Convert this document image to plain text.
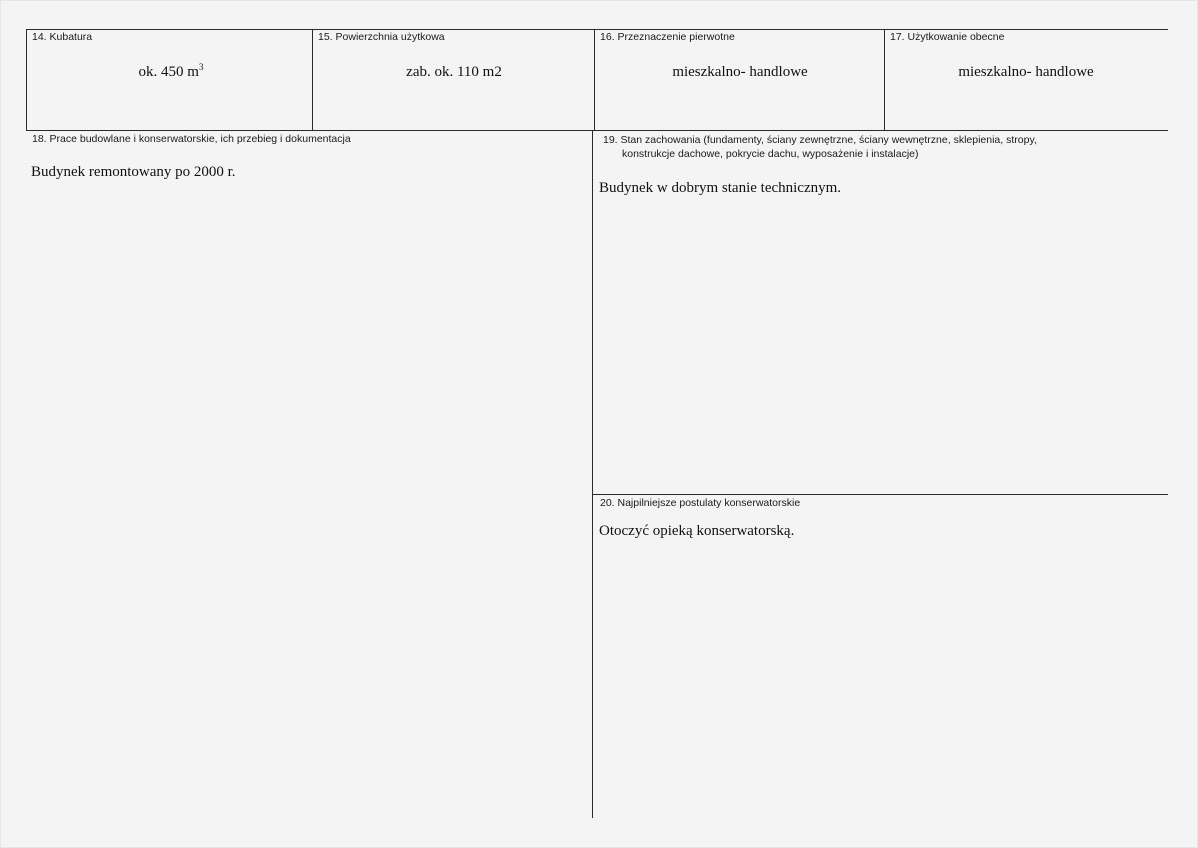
14. Kubatura
ok. 450 $m^3$
15. Powierzchnia użytkowa
zab. ok. 110 m2
16. Przeznaczenie pierwotne
mieszkalno- handlowe
17. Użytkowanie obecne
mieszkalno- handlowe
18. Prace budowlane i konserwatorskie, ich przebieg i dokumentacja
Budynek remontowany po 2000 r.
19. Stan zachowania (fundamenty, ściany zewnętrzne, ściany wewnętrzne, sklepienia, stropy,
konstrukcje dachowe, pokrycie dachu, wyposażenie i instalacje)
Budynek w dobrym stanie technicznym.
20. Najpilniejsze postulaty konserwatorskie
Otoczyć opieką konserwatorską.
